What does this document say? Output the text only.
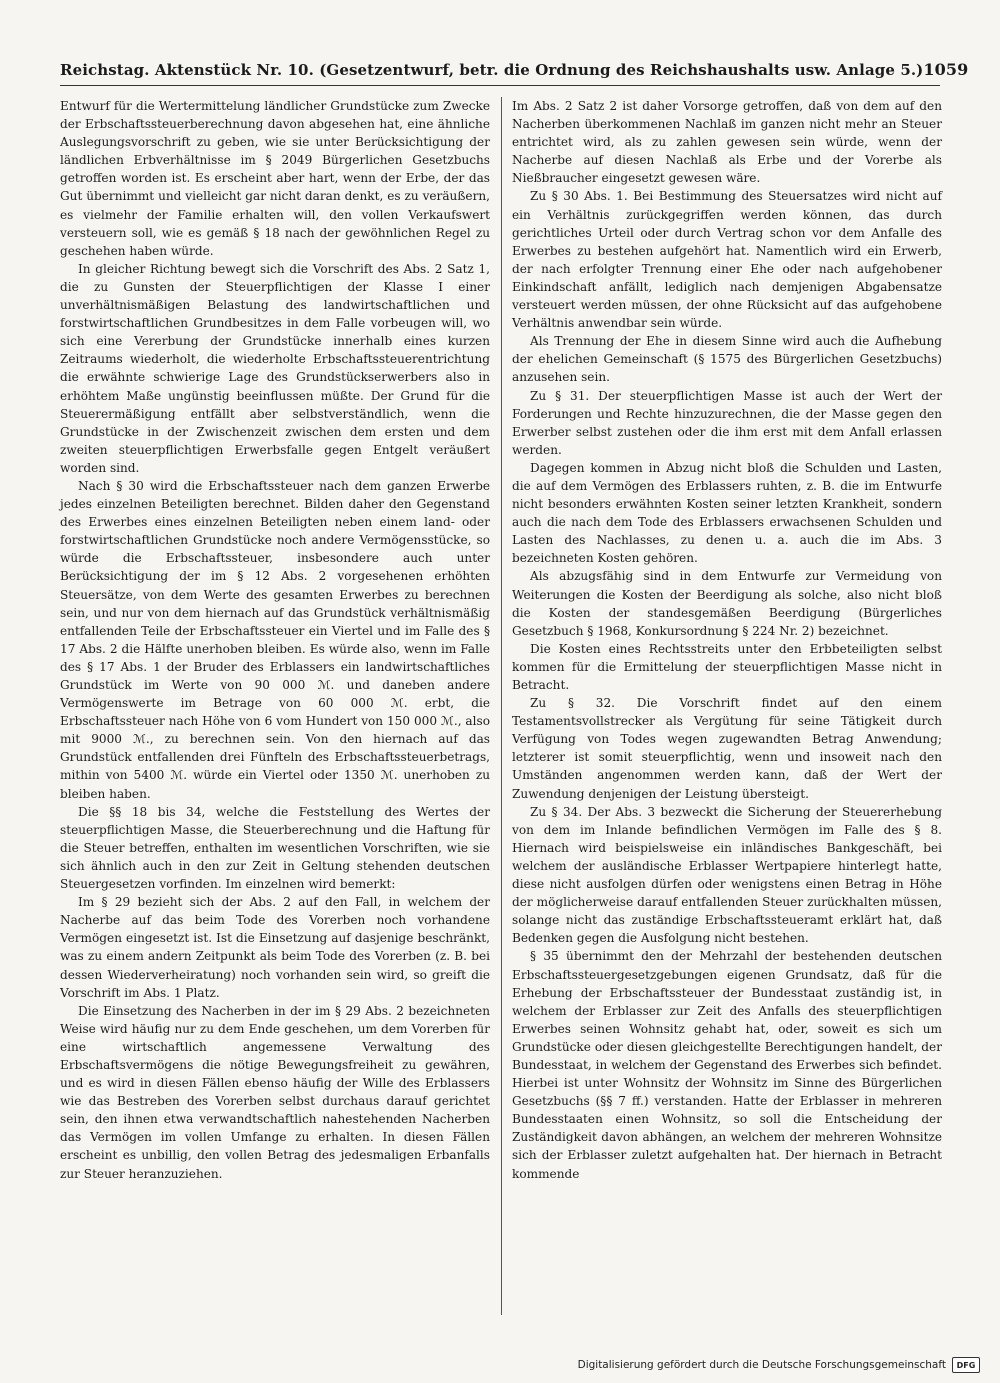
Reichstag. Aktenstück Nr. 10. (Gesetzentwurf, betr. die Ordnung des Reichshaushalts usw. Anlage 5.) 1059

Entwurf für die Wertermittelung ländlicher Grundstücke zum Zwecke der Erbschaftssteuerberechnung davon abgesehen hat, eine ähnliche Auslegungsvorschrift zu geben, wie sie unter Berücksichtigung der ländlichen Erbverhältnisse im § 2049 Bürgerlichen Gesetzbuchs getroffen worden ist. Es erscheint aber hart, wenn der Erbe, der das Gut übernimmt und vielleicht gar nicht daran denkt, es zu veräußern, es vielmehr der Familie erhalten will, den vollen Verkaufswert versteuern soll, wie es gemäß § 18 nach der gewöhnlichen Regel zu geschehen haben würde.

In gleicher Richtung bewegt sich die Vorschrift des Abs. 2 Satz 1, die zu Gunsten der Steuerpflichtigen der Klasse I einer unverhältnismäßigen Belastung des landwirtschaftlichen und forstwirtschaftlichen Grundbesitzes in dem Falle vorbeugen will, wo sich eine Vererbung der Grundstücke innerhalb eines kurzen Zeitraums wiederholt, die wiederholte Erbschaftssteuerentrichtung die erwähnte schwierige Lage des Grundstückserwerbers also in erhöhtem Maße ungünstig beeinflussen müßte. Der Grund für die Steuerermäßigung entfällt aber selbstverständlich, wenn die Grundstücke in der Zwischenzeit zwischen dem ersten und dem zweiten steuerpflichtigen Erwerbsfalle gegen Entgelt veräußert worden sind.

Nach § 30 wird die Erbschaftssteuer nach dem ganzen Erwerbe jedes einzelnen Beteiligten berechnet. Bilden daher den Gegenstand des Erwerbes eines einzelnen Beteiligten neben einem land- oder forstwirtschaftlichen Grundstücke noch andere Vermögensstücke, so würde die Erbschaftssteuer, insbesondere auch unter Berücksichtigung der im § 12 Abs. 2 vorgesehenen erhöhten Steuersätze, von dem Werte des gesamten Erwerbes zu berechnen sein, und nur von dem hiernach auf das Grundstück verhältnismäßig entfallenden Teile der Erbschaftssteuer ein Viertel und im Falle des § 17 Abs. 2 die Hälfte unerhoben bleiben. Es würde also, wenn im Falle des § 17 Abs. 1 der Bruder des Erblassers ein landwirtschaftliches Grundstück im Werte von 90 000 ℳ. und daneben andere Vermögenswerte im Betrage von 60 000 ℳ. erbt, die Erbschaftssteuer nach Höhe von 6 vom Hundert von 150 000 ℳ., also mit 9000 ℳ., zu berechnen sein. Von den hiernach auf das Grundstück entfallenden drei Fünfteln des Erbschaftssteuerbetrags, mithin von 5400 ℳ. würde ein Viertel oder 1350 ℳ. unerhoben zu bleiben haben.

Die §§ 18 bis 34, welche die Feststellung des Wertes der steuerpflichtigen Masse, die Steuerberechnung und die Haftung für die Steuer betreffen, enthalten im wesentlichen Vorschriften, wie sie sich ähnlich auch in den zur Zeit in Geltung stehenden deutschen Steuergesetzen vorfinden. Im einzelnen wird bemerkt:

Im § 29 bezieht sich der Abs. 2 auf den Fall, in welchem der Nacherbe auf das beim Tode des Vorerben noch vorhandene Vermögen eingesetzt ist. Ist die Einsetzung auf dasjenige beschränkt, was zu einem andern Zeitpunkt als beim Tode des Vorerben (z. B. bei dessen Wiederverheiratung) noch vorhanden sein wird, so greift die Vorschrift im Abs. 1 Platz.

Die Einsetzung des Nacherben in der im § 29 Abs. 2 bezeichneten Weise wird häufig nur zu dem Ende geschehen, um dem Vorerben für eine wirtschaftlich angemessene Verwaltung des Erbschaftsvermögens die nötige Bewegungsfreiheit zu gewähren, und es wird in diesen Fällen ebenso häufig der Wille des Erblassers wie das Bestreben des Vorerben selbst durchaus darauf gerichtet sein, den ihnen etwa verwandtschaftlich nahestehenden Nacherben das Vermögen im vollen Umfange zu erhalten. In diesen Fällen erscheint es unbillig, den vollen Betrag des jedesmaligen Erbanfalls zur Steuer heranzuziehen.

Im Abs. 2 Satz 2 ist daher Vorsorge getroffen, daß von dem auf den Nacherben überkommenen Nachlaß im ganzen nicht mehr an Steuer entrichtet wird, als zu zahlen gewesen sein würde, wenn der Nacherbe auf diesen Nachlaß als Erbe und der Vorerbe als Nießbraucher eingesetzt gewesen wäre.

Zu § 30 Abs. 1. Bei Bestimmung des Steuersatzes wird nicht auf ein Verhältnis zurückgegriffen werden können, das durch gerichtliches Urteil oder durch Vertrag schon vor dem Anfalle des Erwerbes zu bestehen aufgehört hat. Namentlich wird ein Erwerb, der nach erfolgter Trennung einer Ehe oder nach aufgehobener Einkindschaft anfällt, lediglich nach demjenigen Abgabensatze versteuert werden müssen, der ohne Rücksicht auf das aufgehobene Verhältnis anwendbar sein würde.

Als Trennung der Ehe in diesem Sinne wird auch die Aufhebung der ehelichen Gemeinschaft (§ 1575 des Bürgerlichen Gesetzbuchs) anzusehen sein.

Zu § 31. Der steuerpflichtigen Masse ist auch der Wert der Forderungen und Rechte hinzuzurechnen, die der Masse gegen den Erwerber selbst zustehen oder die ihm erst mit dem Anfall erlassen werden.

Dagegen kommen in Abzug nicht bloß die Schulden und Lasten, die auf dem Vermögen des Erblassers ruhten, z. B. die im Entwurfe nicht besonders erwähnten Kosten seiner letzten Krankheit, sondern auch die nach dem Tode des Erblassers erwachsenen Schulden und Lasten des Nachlasses, zu denen u. a. auch die im Abs. 3 bezeichneten Kosten gehören.

Als abzugsfähig sind in dem Entwurfe zur Vermeidung von Weiterungen die Kosten der Beerdigung als solche, also nicht bloß die Kosten der standesgemäßen Beerdigung (Bürgerliches Gesetzbuch § 1968, Konkursordnung § 224 Nr. 2) bezeichnet.

Die Kosten eines Rechtsstreits unter den Erbbeteiligten selbst kommen für die Ermittelung der steuerpflichtigen Masse nicht in Betracht.

Zu § 32. Die Vorschrift findet auf den einem Testamentsvollstrecker als Vergütung für seine Tätigkeit durch Verfügung von Todes wegen zugewandten Betrag Anwendung; letzterer ist somit steuerpflichtig, wenn und insoweit nach den Umständen angenommen werden kann, daß der Wert der Zuwendung denjenigen der Leistung übersteigt.

Zu § 34. Der Abs. 3 bezweckt die Sicherung der Steuererhebung von dem im Inlande befindlichen Vermögen im Falle des § 8. Hiernach wird beispielsweise ein inländisches Bankgeschäft, bei welchem der ausländische Erblasser Wertpapiere hinterlegt hatte, diese nicht ausfolgen dürfen oder wenigstens einen Betrag in Höhe der möglicherweise darauf entfallenden Steuer zurückhalten müssen, solange nicht das zuständige Erbschaftssteueramt erklärt hat, daß Bedenken gegen die Ausfolgung nicht bestehen.

§ 35 übernimmt den der Mehrzahl der bestehenden deutschen Erbschaftssteuergesetzgebungen eigenen Grundsatz, daß für die Erhebung der Erbschaftssteuer der Bundesstaat zuständig ist, in welchem der Erblasser zur Zeit des Anfalls des steuerpflichtigen Erwerbes seinen Wohnsitz gehabt hat, oder, soweit es sich um Grundstücke oder diesen gleichgestellte Berechtigungen handelt, der Bundesstaat, in welchem der Gegenstand des Erwerbes sich befindet. Hierbei ist unter Wohnsitz der Wohnsitz im Sinne des Bürgerlichen Gesetzbuchs (§§ 7 ff.) verstanden. Hatte der Erblasser in mehreren Bundesstaaten einen Wohnsitz, so soll die Entscheidung der Zuständigkeit davon abhängen, an welchem der mehreren Wohnsitze sich der Erblasser zuletzt aufgehalten hat. Der hiernach in Betracht kommende

Digitalisierung gefördert durch die Deutsche Forschungsgemeinschaft	DFG
